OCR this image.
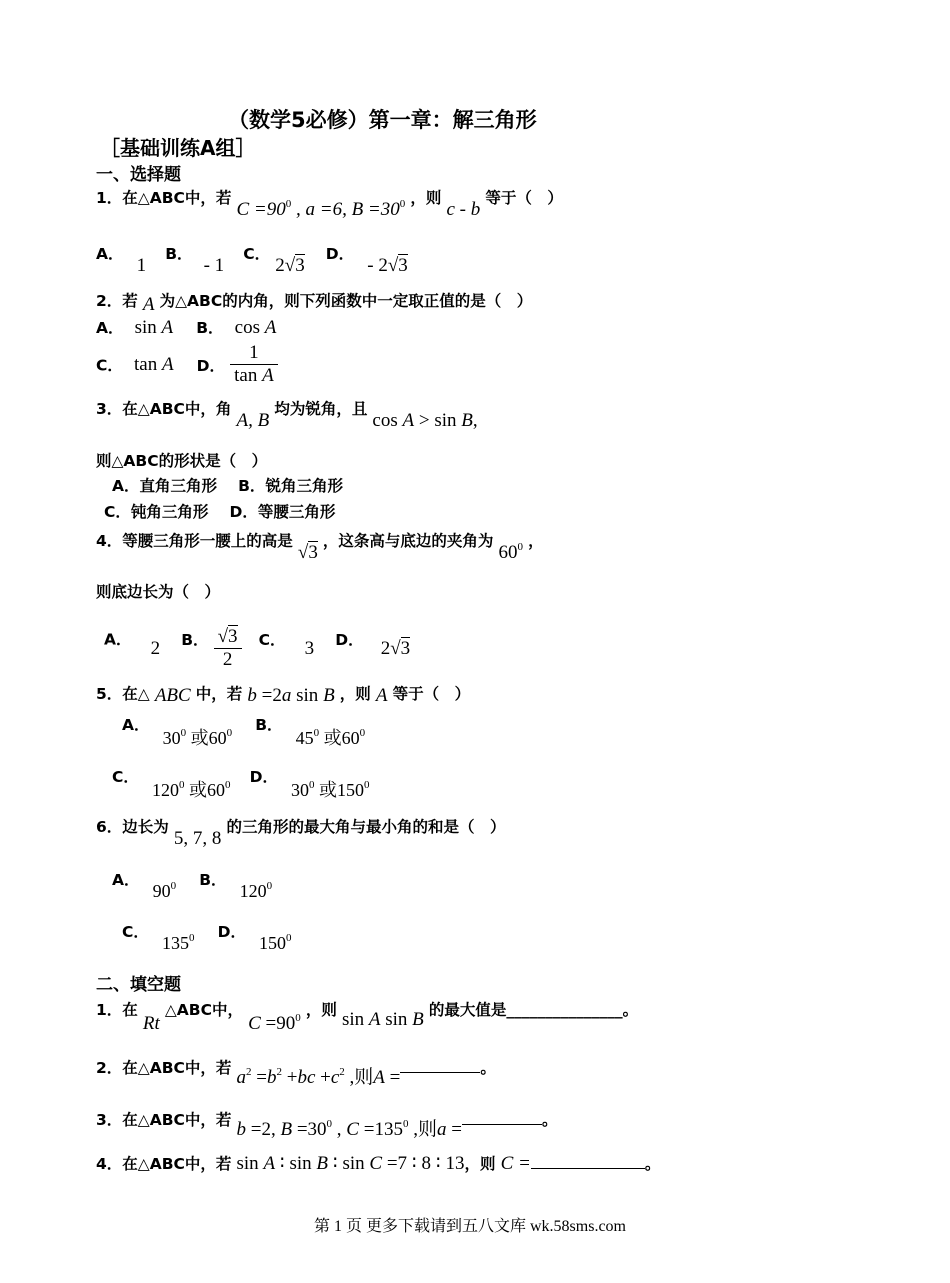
（数学5必修）第一章：解三角形
［基础训练A组］
一、选择题
1．在△ABC中，若 $C =90^0$ , a =6, $B =30^0$ ，则 c - b 等于（　）
A． 1 B． - 1 C． 2√3 D． - 2√3
2．若 A 为△ABC的内角，则下列函数中一定取正值的是（　）
A． sin A B． cos A
C． tan A D． $\frac{1}{\text{tan A}}$
3．在△ABC中，角 A, B 均为锐角，且 cos A > sin B,
则△ABC的形状是（　）
A．直角三角形 B．锐角三角形
C．钝角三角形 D．等腰三角形
4．等腰三角形一腰上的高是 √3 ，这条高与底边的夹角为 $60^0$ ，
则底边长为（　）
A． 2 B． $\frac{√3}{2}$ C． 3 D． 2√3
5．在△ ABC 中，若 b =2a sin B ，则 A 等于（　）
A． $30^0$ 或$60^0$ B． $45^0$ 或$60^0$
C． $120^0$ 或$60^0$ D． $30^0$ 或$150^0$
6．边长为 5, 7, 8 的三角形的最大角与最小角的和是（　）
A． $90^0$ B． $120^0$
C． $135^0$ D． $150^0$
二、填空题
1．在 Rt △ABC中， $C =90^0$ ，则 sin A sin B 的最大值是_______________。
2．在△ABC中，若 $a^2 =b^2 +bc +c^2$ ,则A =	。
3．在△ABC中，若 b =2, $B =30^0$ , $C =135^0$ ,则a =	。
4．在△ABC中，若 sin A ∶ sin B ∶ sin C =7 ∶ 8 ∶ 13，则 C =	。
第 1 页 更多下载请到五八文库 wk.58sms.com
